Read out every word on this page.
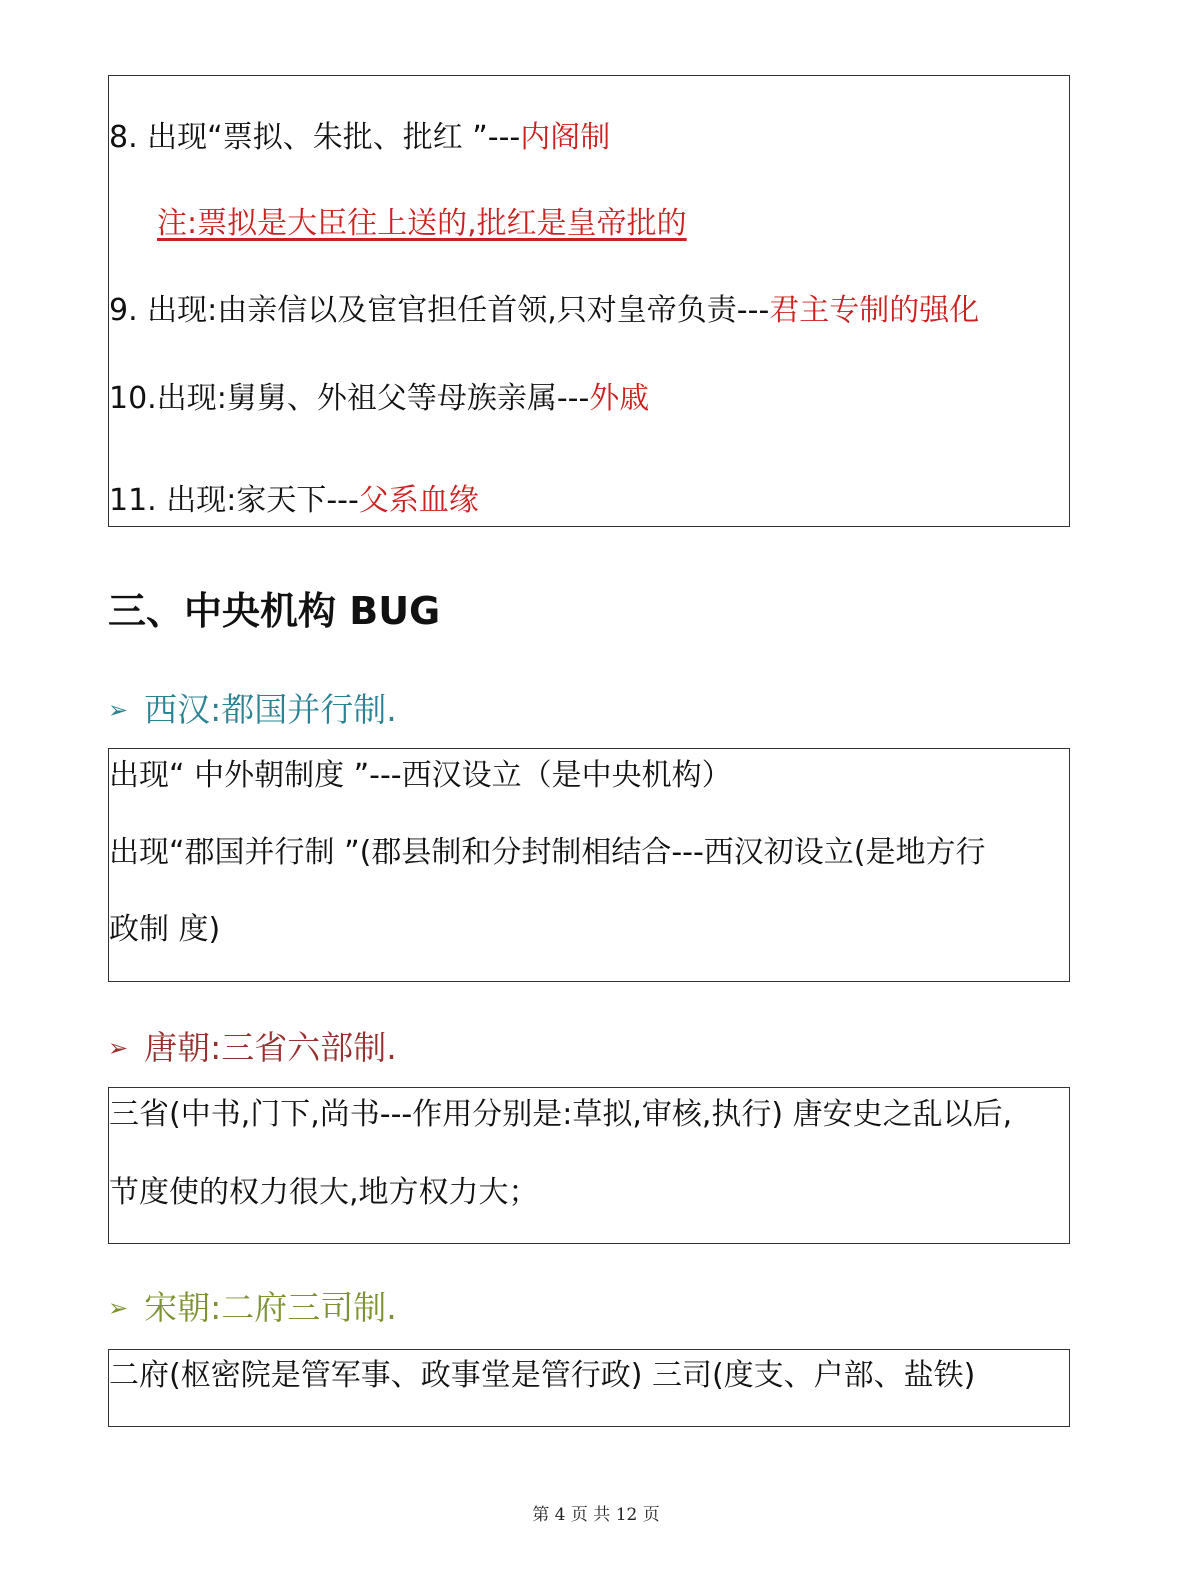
8. 出现“票拟、朱批、批红 ”---内阁制
注:票拟是大臣往上送的,批红是皇帝批的
9. 出现:由亲信以及宦官担任首领,只对皇帝负责---君主专制的强化
10.出现:舅舅、外祖父等母族亲属---外戚
11. 出现:家天下---父系血缘
三、中央机构 BUG
➢ 西汉:都国并行制.
出现“ 中外朝制度 ”---西汉设立（是中央机构）
出现“郡国并行制 ”(郡县制和分封制相结合---西汉初设立(是地方行
政制 度)
➢ 唐朝:三省六部制.
三省(中书,门下,尚书---作用分别是:草拟,审核,执行) 唐安史之乱以后,
节度使的权力很大,地方权力大；
➢ 宋朝:二府三司制.
二府(枢密院是管军事、政事堂是管行政) 三司(度支、户部、盐铁)
第 4 页 共 12 页
